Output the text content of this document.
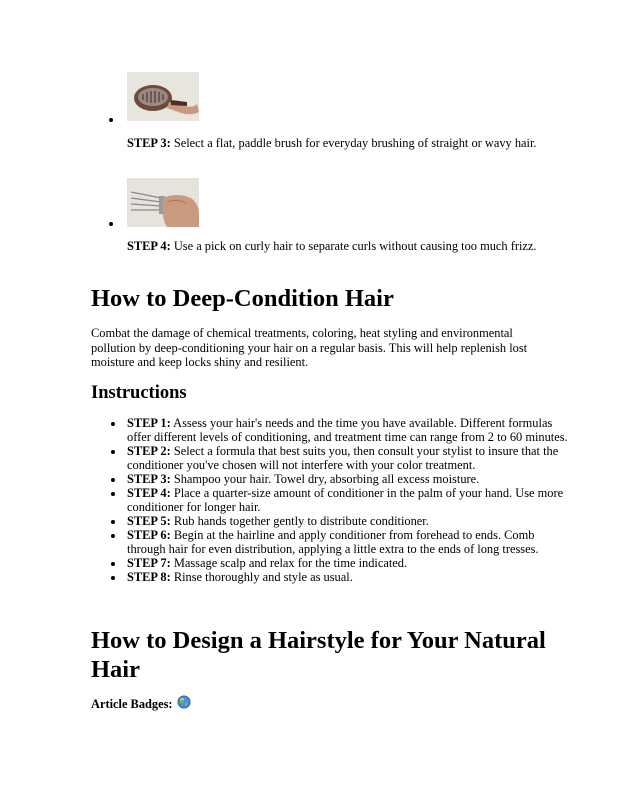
STEP 3: Select a flat, paddle brush for everyday brushing of straight or wavy hair.

STEP 4: Use a pick on curly hair to separate curls without causing too much frizz.

How to Deep-Condition Hair

Combat the damage of chemical treatments, coloring, heat styling and environmental pollution by deep-conditioning your hair on a regular basis. This will help replenish lost moisture and keep locks shiny and resilient.

Instructions
STEP 1: Assess your hair's needs and the time you have available. Different formulas offer different levels of conditioning, and treatment time can range from 2 to 60 minutes.
STEP 2: Select a formula that best suits you, then consult your stylist to insure that the conditioner you've chosen will not interfere with your color treatment.
STEP 3: Shampoo your hair. Towel dry, absorbing all excess moisture.
STEP 4: Place a quarter-size amount of conditioner in the palm of your hand. Use more conditioner for longer hair.
STEP 5: Rub hands together gently to distribute conditioner.
STEP 6: Begin at the hairline and apply conditioner from forehead to ends. Comb through hair for even distribution, applying a little extra to the ends of long tresses.
STEP 7: Massage scalp and relax for the time indicated.
STEP 8: Rinse thoroughly and style as usual.
How to Design a Hairstyle for Your Natural Hair
Article Badges:
